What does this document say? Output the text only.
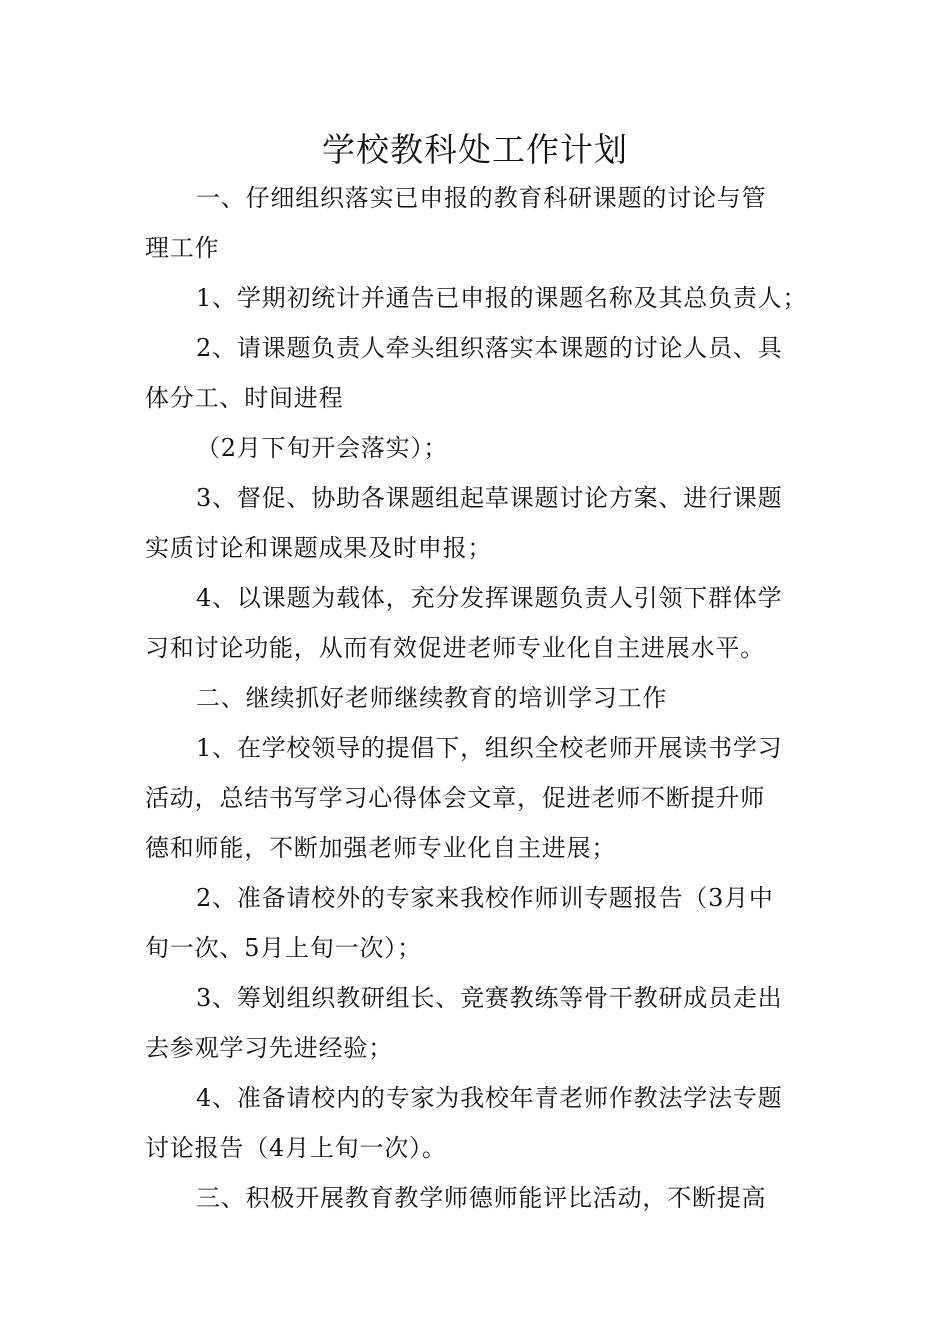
学校教科处工作计划
一、仔细组织落实已申报的教育科研课题的讨论与管
理工作
1、学期初统计并通告已申报的课题名称及其总负责人；
2、请课题负责人牵头组织落实本课题的讨论人员、具
体分工、时间进程
（2月下旬开会落实）；
3、督促、协助各课题组起草课题讨论方案、进行课题
实质讨论和课题成果及时申报；
4、以课题为载体，充分发挥课题负责人引领下群体学
习和讨论功能，从而有效促进老师专业化自主进展水平。
二、继续抓好老师继续教育的培训学习工作
1、在学校领导的提倡下，组织全校老师开展读书学习
活动，总结书写学习心得体会文章，促进老师不断提升师
德和师能，不断加强老师专业化自主进展；
2、准备请校外的专家来我校作师训专题报告（3月中
旬一次、5月上旬一次）；
3、筹划组织教研组长、竞赛教练等骨干教研成员走出
去参观学习先进经验；
4、准备请校内的专家为我校年青老师作教法学法专题
讨论报告（4月上旬一次）。
三、积极开展教育教学师德师能评比活动，不断提高
